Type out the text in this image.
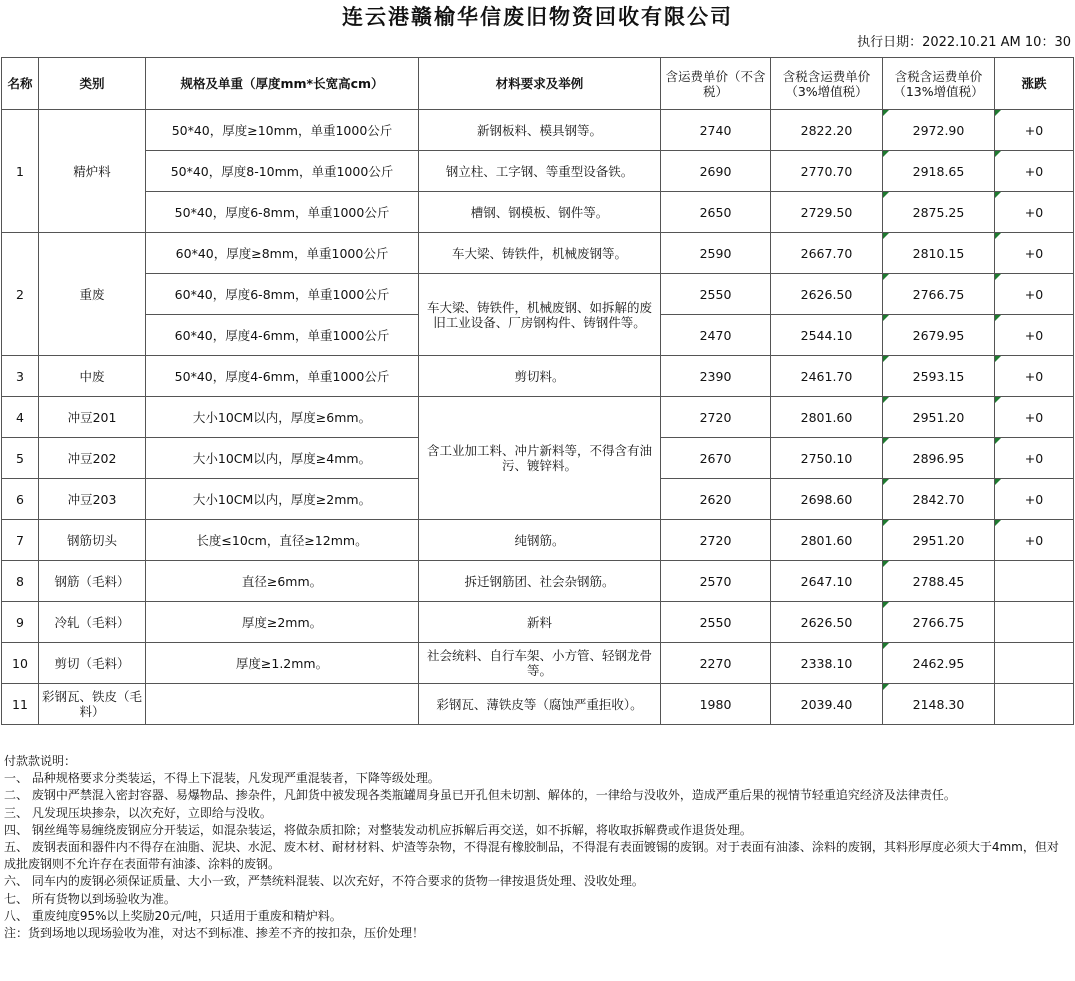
连云港赣榆华信废旧物资回收有限公司
执行日期：2022.10.21 AM 10：30
名称	类别	规格及单重（厚度mm*长宽高cm）	材料要求及举例	含运费单价（不含税）	含税含运费单价（3%增值税）	含税含运费单价（13%增值税）	涨跌
1	精炉料	50*40，厚度≥10mm，单重1000公斤	新钢板料、模具钢等。	2740	2822.20	2972.90	+0
		50*40，厚度8-10mm，单重1000公斤	钢立柱、工字钢、等重型设备铁。	2690	2770.70	2918.65	+0
		50*40，厚度6-8mm，单重1000公斤	槽钢、钢模板、钢件等。	2650	2729.50	2875.25	+0
2	重废	60*40，厚度≥8mm，单重1000公斤	车大梁、铸铁件，机械废钢等。	2590	2667.70	2810.15	+0
		60*40，厚度6-8mm，单重1000公斤	车大梁、铸铁件，机械废钢、如拆解的废旧工业设备、厂房钢构件、铸钢件等。	2550	2626.50	2766.75	+0
		60*40，厚度4-6mm，单重1000公斤		2470	2544.10	2679.95	+0
3	中废	50*40，厚度4-6mm，单重1000公斤	剪切料。	2390	2461.70	2593.15	+0
4	冲豆201	大小10CM以内，厚度≥6mm。	含工业加工料、冲片新料等，不得含有油污、镀锌料。	2720	2801.60	2951.20	+0
5	冲豆202	大小10CM以内，厚度≥4mm。		2670	2750.10	2896.95	+0
6	冲豆203	大小10CM以内，厚度≥2mm。		2620	2698.60	2842.70	+0
7	钢筋切头	长度≤10cm，直径≥12mm。	纯钢筋。	2720	2801.60	2951.20	+0
8	钢筋（毛料）	直径≥6mm。	拆迁钢筋团、社会杂钢筋。	2570	2647.10	2788.45	
9	冷轧（毛料）	厚度≥2mm。	新料	2550	2626.50	2766.75	
10	剪切（毛料）	厚度≥1.2mm。	社会统料、自行车架、小方管、轻钢龙骨等。	2270	2338.10	2462.95	
11	彩钢瓦、铁皮（毛料）		彩钢瓦、薄铁皮等（腐蚀严重拒收）。	1980	2039.40	2148.30	
付款款说明：
一、 品种规格要求分类装运，不得上下混装，凡发现严重混装者，下降等级处理。
二、 废钢中严禁混入密封容器、易爆物品、掺杂件，凡卸货中被发现各类瓶罐周身虽已开孔但未切割、解体的，一律给与没收外，造成严重后果的视情节轻重追究经济及法律责任。
三、 凡发现压块掺杂，以次充好，立即给与没收。
四、 钢丝绳等易缠绕废钢应分开装运，如混杂装运，将做杂质扣除；对整装发动机应拆解后再交送，如不拆解，将收取拆解费或作退货处理。
五、 废钢表面和器件内不得存在油脂、泥块、水泥、废木材、耐材材料、炉渣等杂物，不得混有橡胶制品，不得混有表面镀锡的废钢。对于表面有油漆、涂料的废钢，其料形厚度必须大于4mm，但对成批废钢则不允许存在表面带有油漆、涂料的废钢。
六、 同车内的废钢必须保证质量、大小一致，严禁统料混装、以次充好，不符合要求的货物一律按退货处理、没收处理。
七、 所有货物以到场验收为准。
八、 重废纯度95%以上奖励20元/吨，只适用于重废和精炉料。
注：货到场地以现场验收为准，对达不到标准、掺差不齐的按扣杂，压价处理！
